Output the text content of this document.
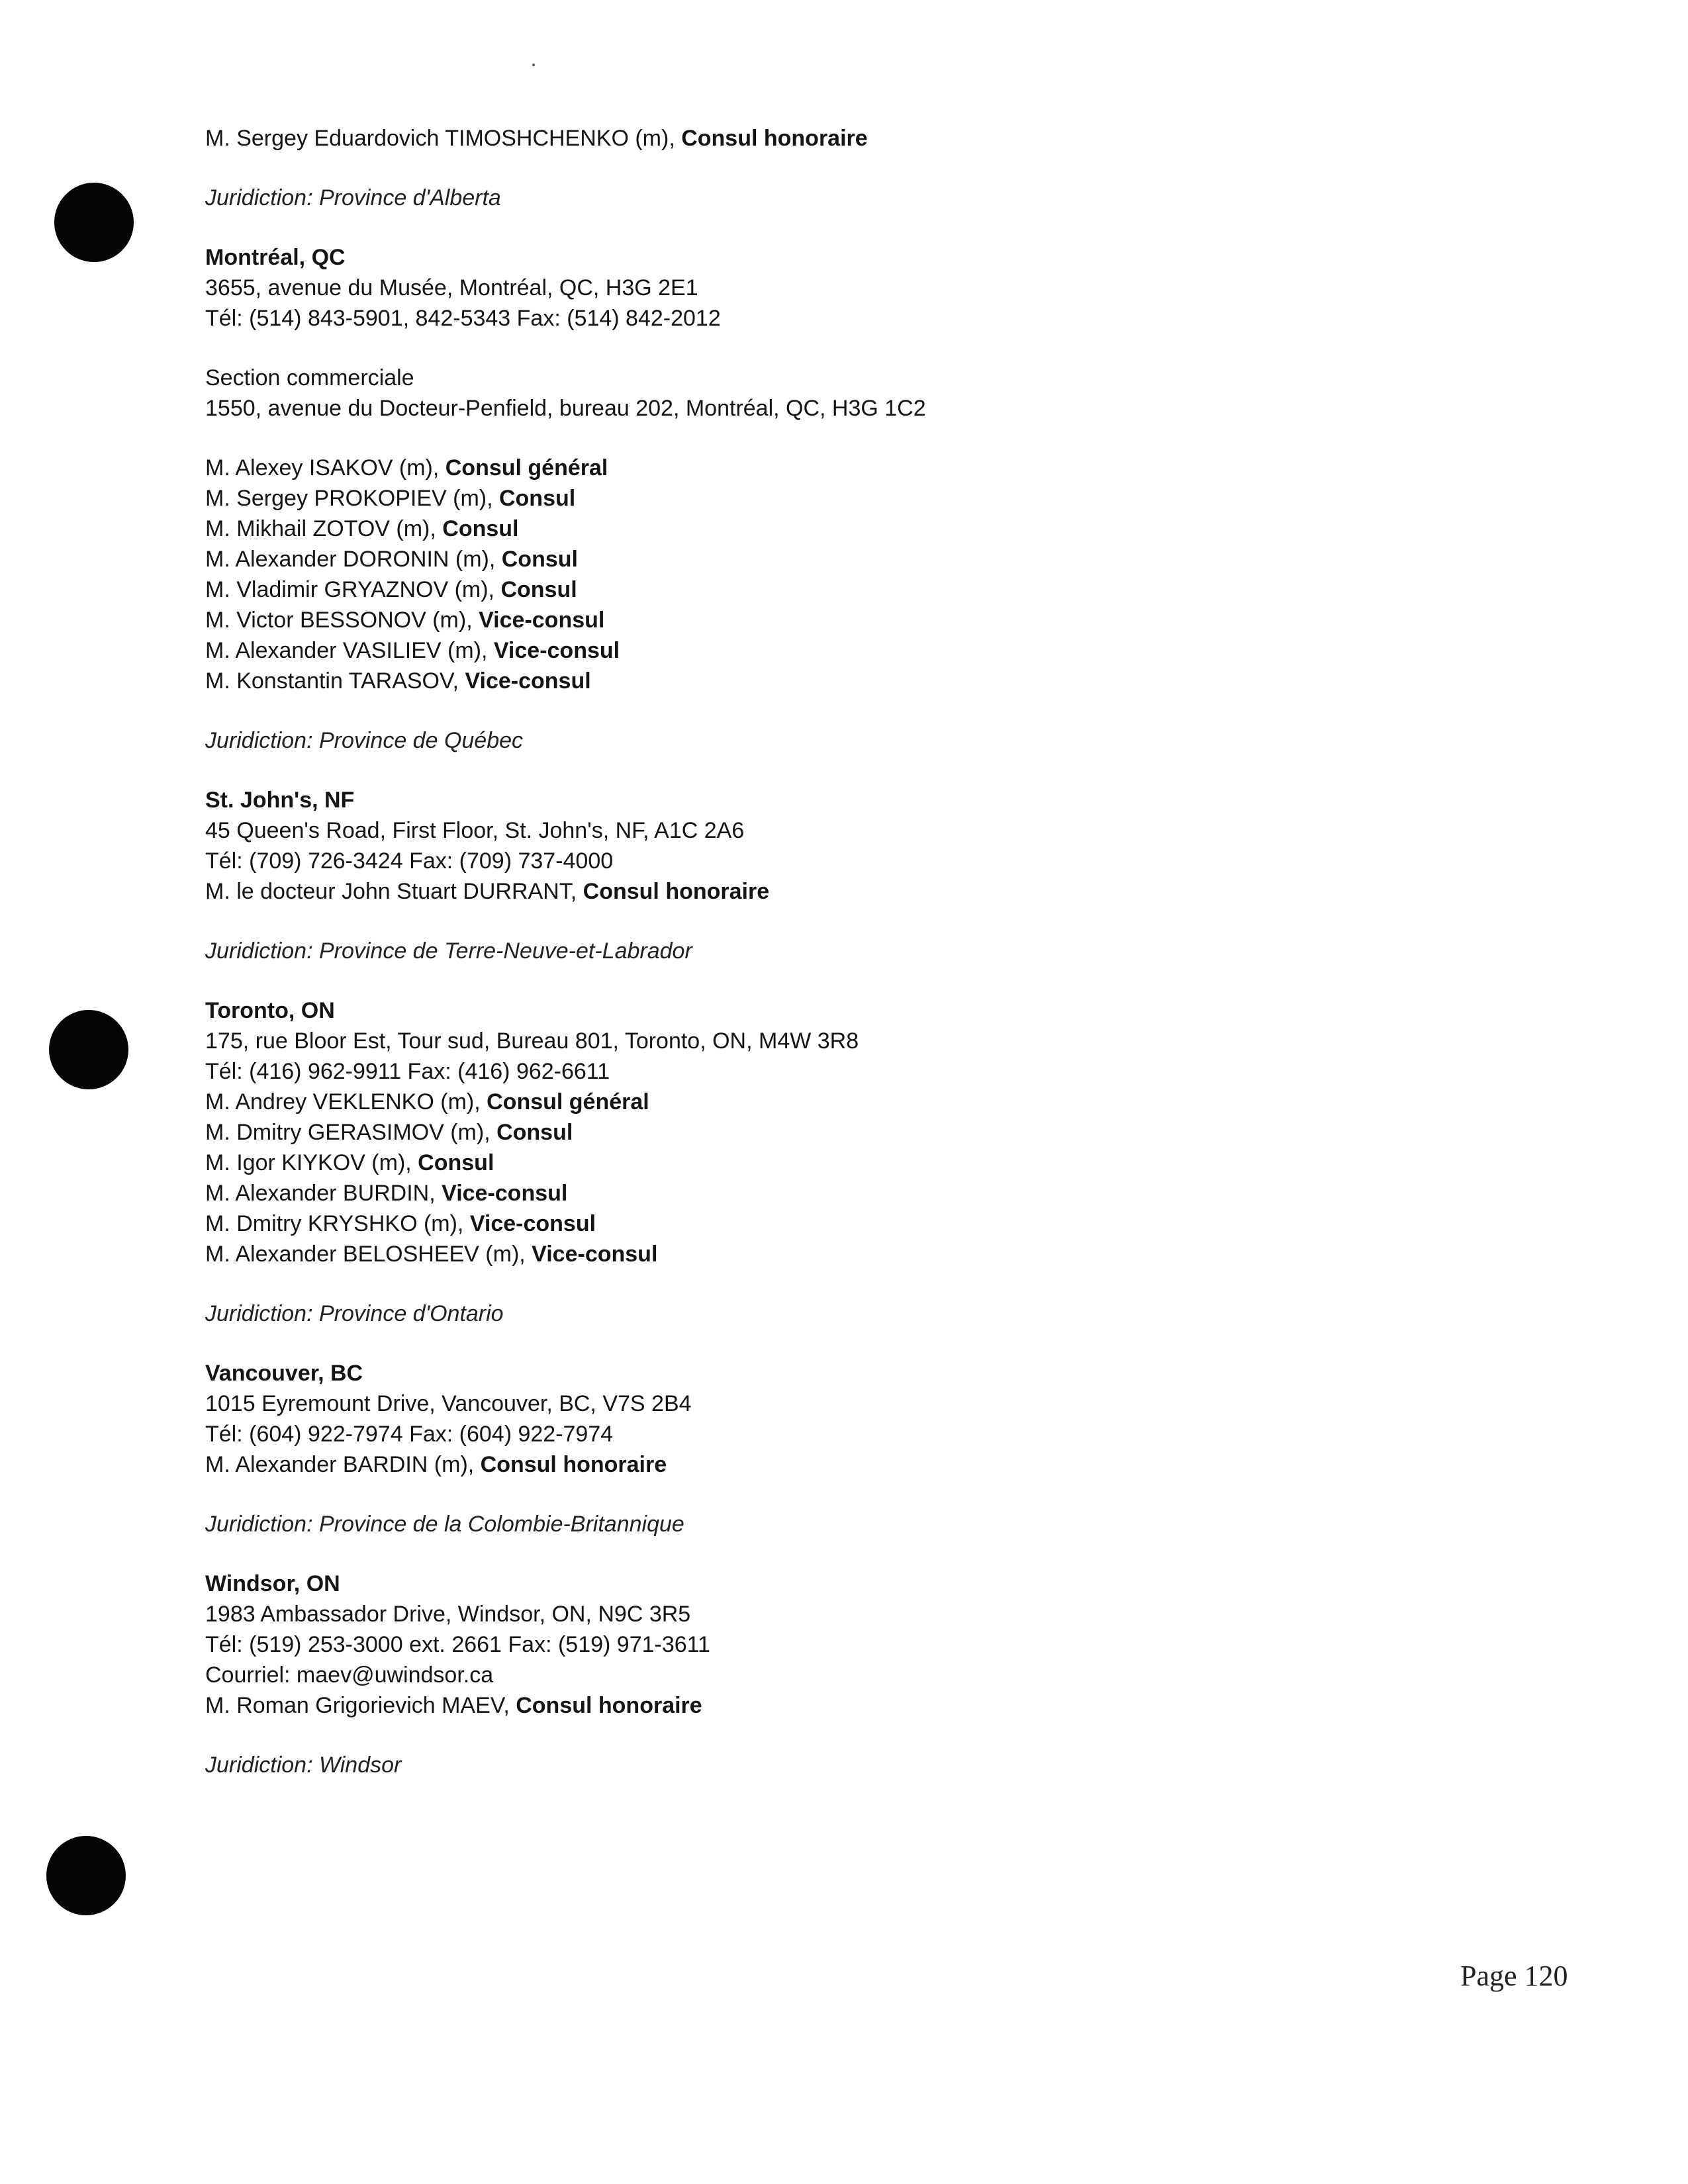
M. Sergey Eduardovich TIMOSHCHENKO (m), Consul honoraire
Juridiction: Province d'Alberta
Montréal, QC
3655, avenue du Musée, Montréal, QC, H3G 2E1
Tél: (514) 843-5901, 842-5343 Fax: (514) 842-2012
Section commerciale
1550, avenue du Docteur-Penfield, bureau 202, Montréal, QC, H3G 1C2
M. Alexey ISAKOV (m), Consul général
M. Sergey PROKOPIEV (m), Consul
M. Mikhail ZOTOV (m), Consul
M. Alexander DORONIN (m), Consul
M. Vladimir GRYAZNOV (m), Consul
M. Victor BESSONOV (m), Vice-consul
M. Alexander VASILIEV (m), Vice-consul
M. Konstantin TARASOV, Vice-consul
Juridiction: Province de Québec
St. John's, NF
45 Queen's Road, First Floor, St. John's, NF, A1C 2A6
Tél: (709) 726-3424 Fax: (709) 737-4000
M. le docteur John Stuart DURRANT, Consul honoraire
Juridiction: Province de Terre-Neuve-et-Labrador
Toronto, ON
175, rue Bloor Est, Tour sud, Bureau 801, Toronto, ON, M4W 3R8
Tél: (416) 962-9911 Fax: (416) 962-6611
M. Andrey VEKLENKO (m), Consul général
M. Dmitry GERASIMOV (m), Consul
M. Igor KIYKOV (m), Consul
M. Alexander BURDIN, Vice-consul
M. Dmitry KRYSHKO (m), Vice-consul
M. Alexander BELOSHEEV (m), Vice-consul
Juridiction: Province d'Ontario
Vancouver, BC
1015 Eyremount Drive, Vancouver, BC, V7S 2B4
Tél: (604) 922-7974 Fax: (604) 922-7974
M. Alexander BARDIN (m), Consul honoraire
Juridiction: Province de la Colombie-Britannique
Windsor, ON
1983 Ambassador Drive, Windsor, ON, N9C 3R5
Tél: (519) 253-3000 ext. 2661 Fax: (519) 971-3611
Courriel: maev@uwindsor.ca
M. Roman Grigorievich MAEV, Consul honoraire
Juridiction: Windsor
Page 120
